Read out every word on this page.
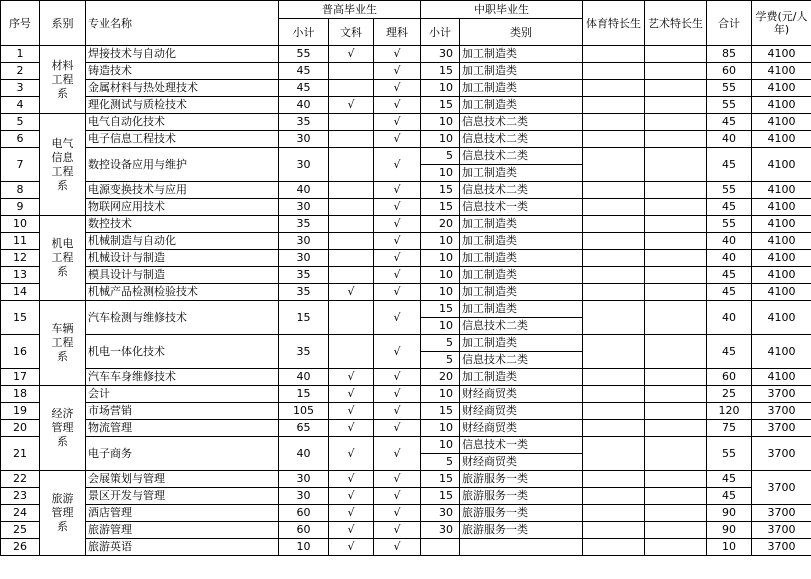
序号	系别	专业名称	普高毕业生			中职毕业生		体育特长生	艺术特长生	合计	学费(元/人年)
			小计	文科	理科	小计	类别				
1	材料工程系	焊接技术与自动化	55	√	√	30	加工制造类			85	4100
2		铸造技术	45		√	15	加工制造类			60	4100
3		金属材料与热处理技术	45		√	10	加工制造类			55	4100
4		理化测试与质检技术	40	√	√	15	加工制造类			55	4100
5	电气信息工程系	电气自动化技术	35		√	10	信息技术二类			45	4100
6		电子信息工程技术	30		√	10	信息技术二类			40	4100
7		数控设备应用与维护	30		√	5	信息技术二类			45	4100
						10	加工制造类				
8		电源变换技术与应用	40		√	15	信息技术二类			55	4100
9		物联网应用技术	30		√	15	信息技术一类			45	4100
10	机电工程系	数控技术	35		√	20	加工制造类			55	4100
11		机械制造与自动化	30		√	10	加工制造类			40	4100
12		机械设计与制造	30		√	10	加工制造类			40	4100
13		模具设计与制造	35		√	10	加工制造类			45	4100
14		机械产品检测检验技术	35	√	√	10	加工制造类			45	4100
15	车辆工程系	汽车检测与维修技术	15		√	15	加工制造类			40	4100
						10	信息技术二类				
16		机电一体化技术	35		√	5	加工制造类			45	4100
						5	信息技术二类				
17		汽车车身维修技术	40	√	√	20	加工制造类			60	4100
18	经济管理系	会计	15	√	√	10	财经商贸类			25	3700
19		市场营销	105	√	√	15	财经商贸类			120	3700
20		物流管理	65	√	√	10	财经商贸类			75	3700
21		电子商务	40	√	√	10	信息技术一类			55	3700
						5	财经商贸类				
22	旅游管理系	会展策划与管理	30	√	√	15	旅游服务一类			45	3700
23		景区开发与管理	30	√	√	15	旅游服务一类			45	
24		酒店管理	60	√	√	30	旅游服务一类			90	3700
25		旅游管理	60	√	√	30	旅游服务一类			90	3700
26		旅游英语	10	√	√					10	3700
